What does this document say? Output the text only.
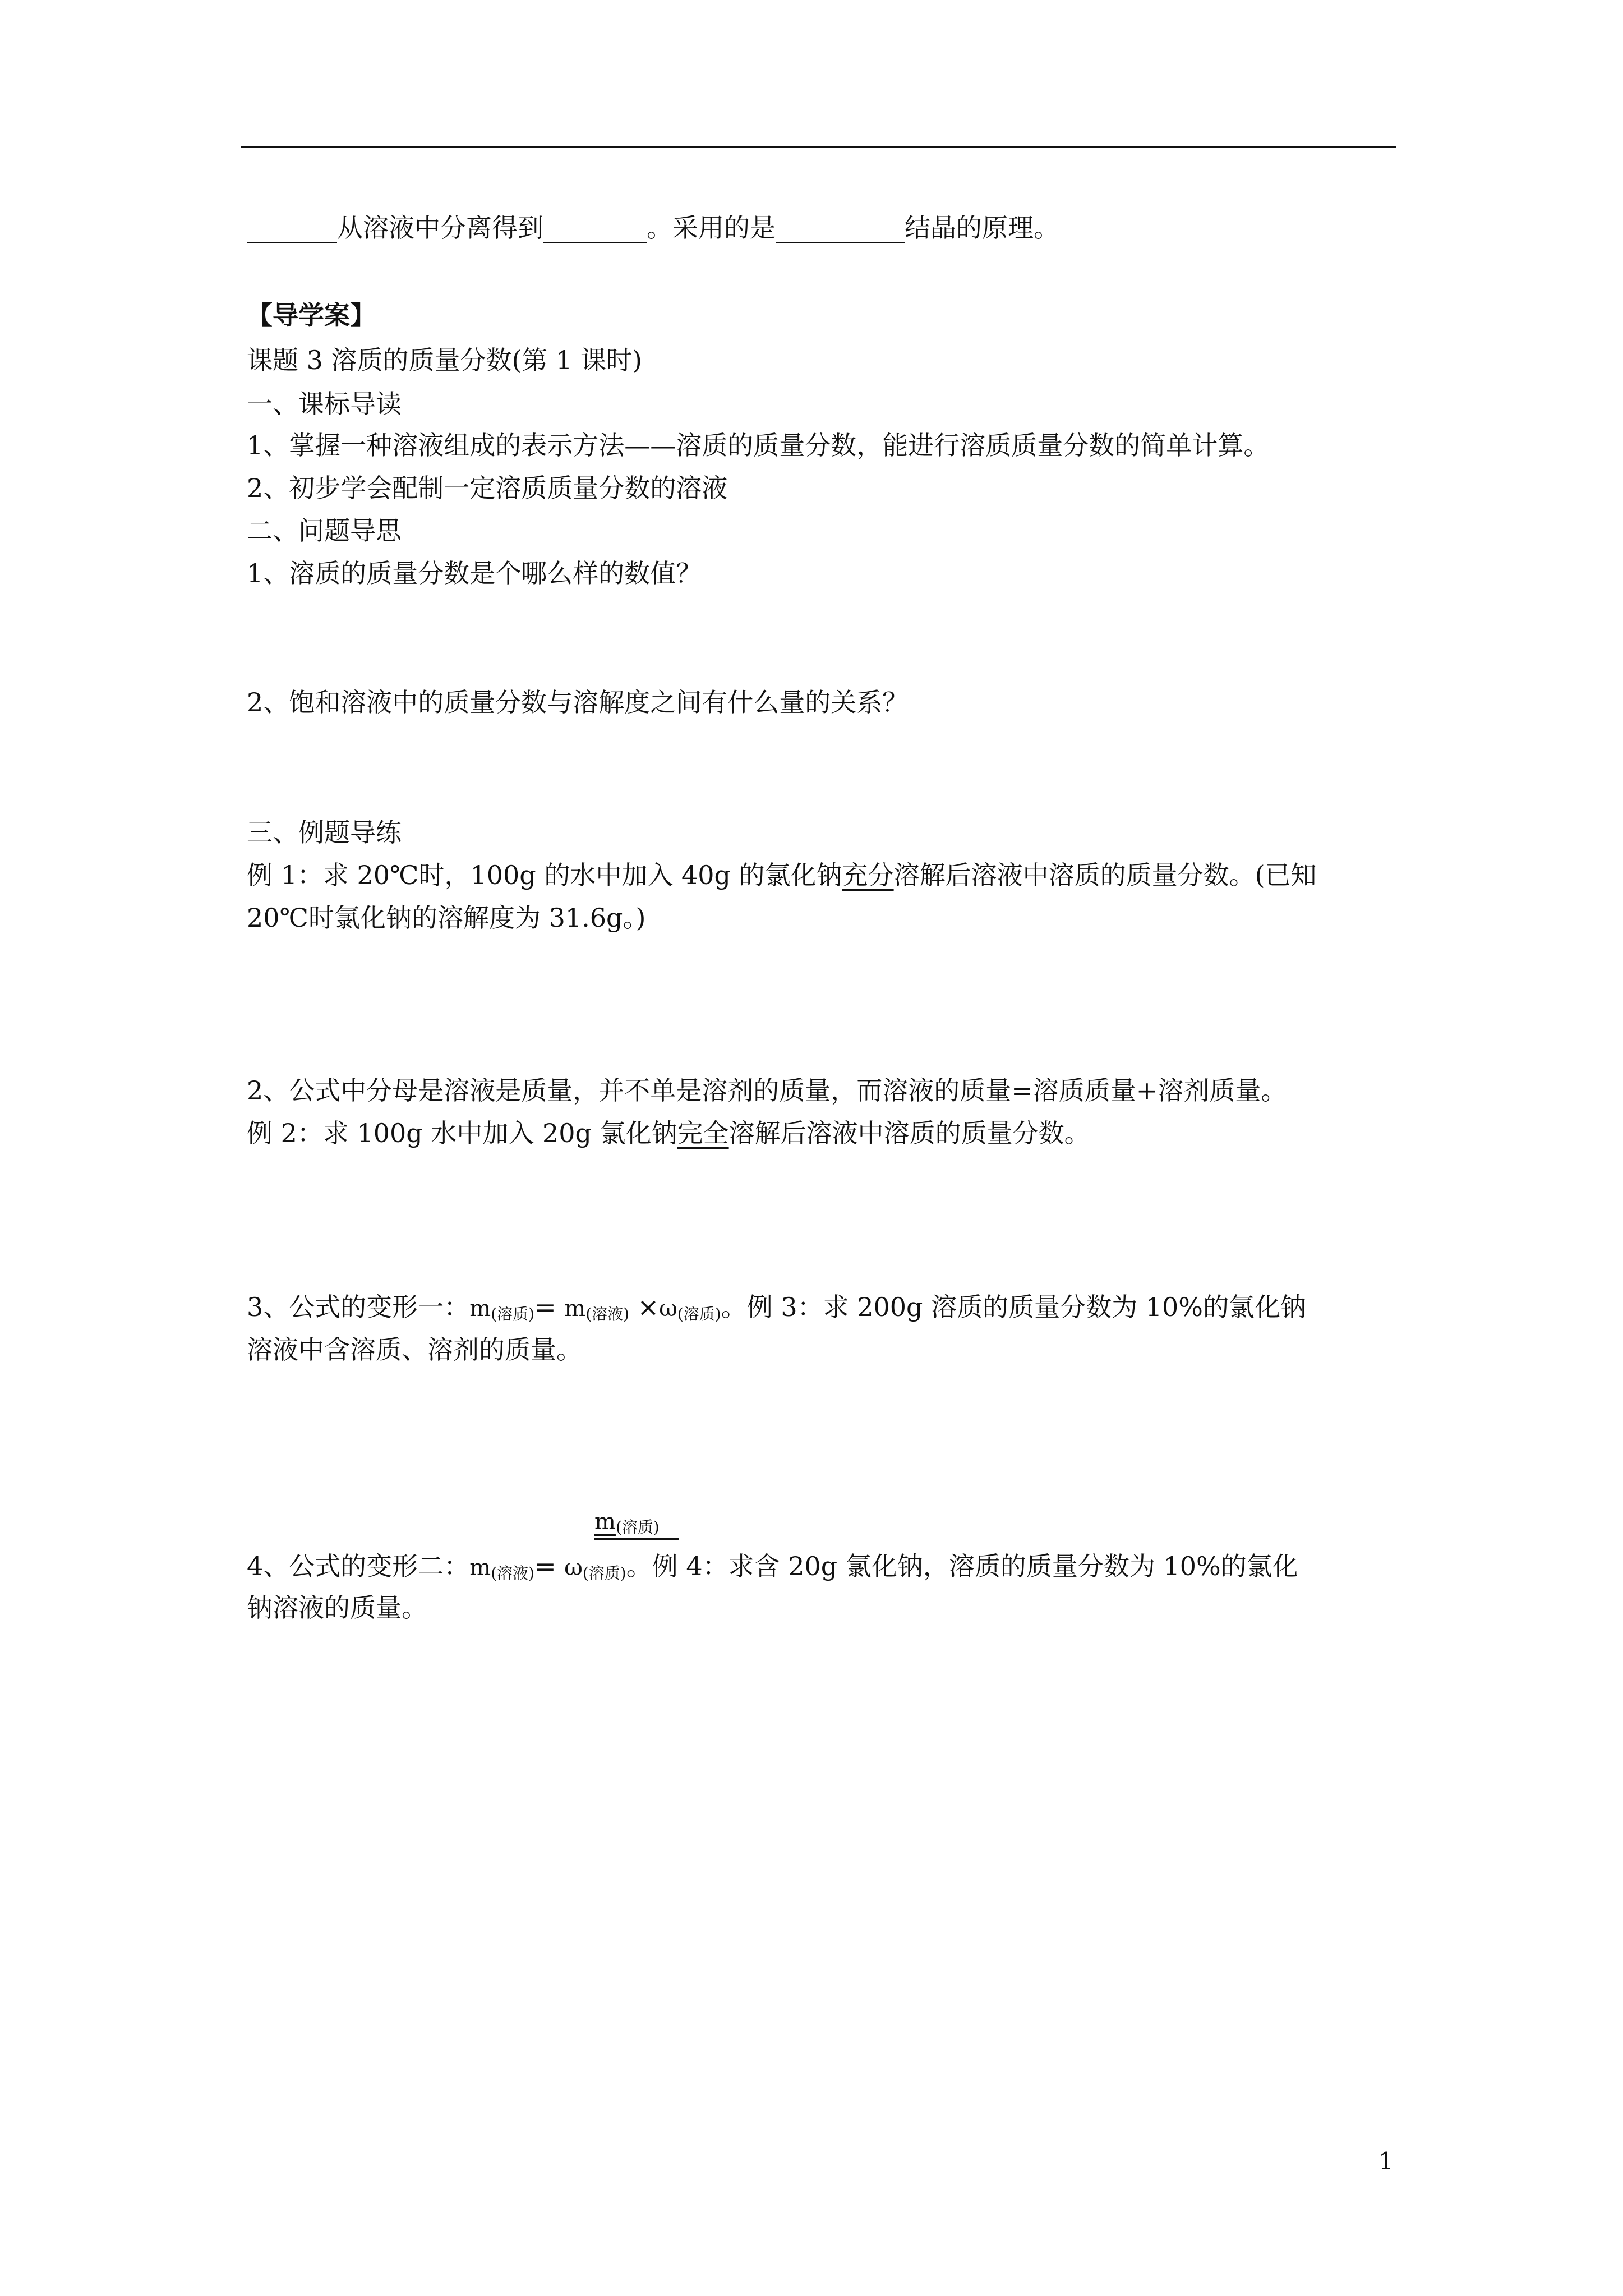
_______从溶液中分离得到________。采用的是__________结晶的原理。
【导学案】
课题 3 溶质的质量分数(第 1 课时)
一、课标导读
1、掌握一种溶液组成的表示方法——溶质的质量分数，能进行溶质质量分数的简单计算。
2、初步学会配制一定溶质质量分数的溶液
二、问题导思
1、溶质的质量分数是个哪么样的数值？
2、饱和溶液中的质量分数与溶解度之间有什么量的关系？
三、例题导练
例 1：求 20℃时，100g 的水中加入 40g 的氯化钠充分溶解后溶液中溶质的质量分数。(已知
20℃时氯化钠的溶解度为 31.6g。)
2、公式中分母是溶液是质量，并不单是溶剂的质量，而溶液的质量=溶质质量+溶剂质量。
例 2：求 100g 水中加入 20g 氯化钠完全溶解后溶液中溶质的质量分数。
3、公式的变形一：$m_{(溶质)}= m_{(溶液)} \times\omega_{(溶质)}$。例 3：求 200g 溶质的质量分数为 10%的氯化钠
溶液中含溶质、溶剂的质量。
$m_{(溶质)}$
4、公式的变形二：$m_{(溶液)}= \omega_{(溶质)}$。例 4：求含 20g 氯化钠，溶质的质量分数为 10%的氯化
钠溶液的质量。
1
